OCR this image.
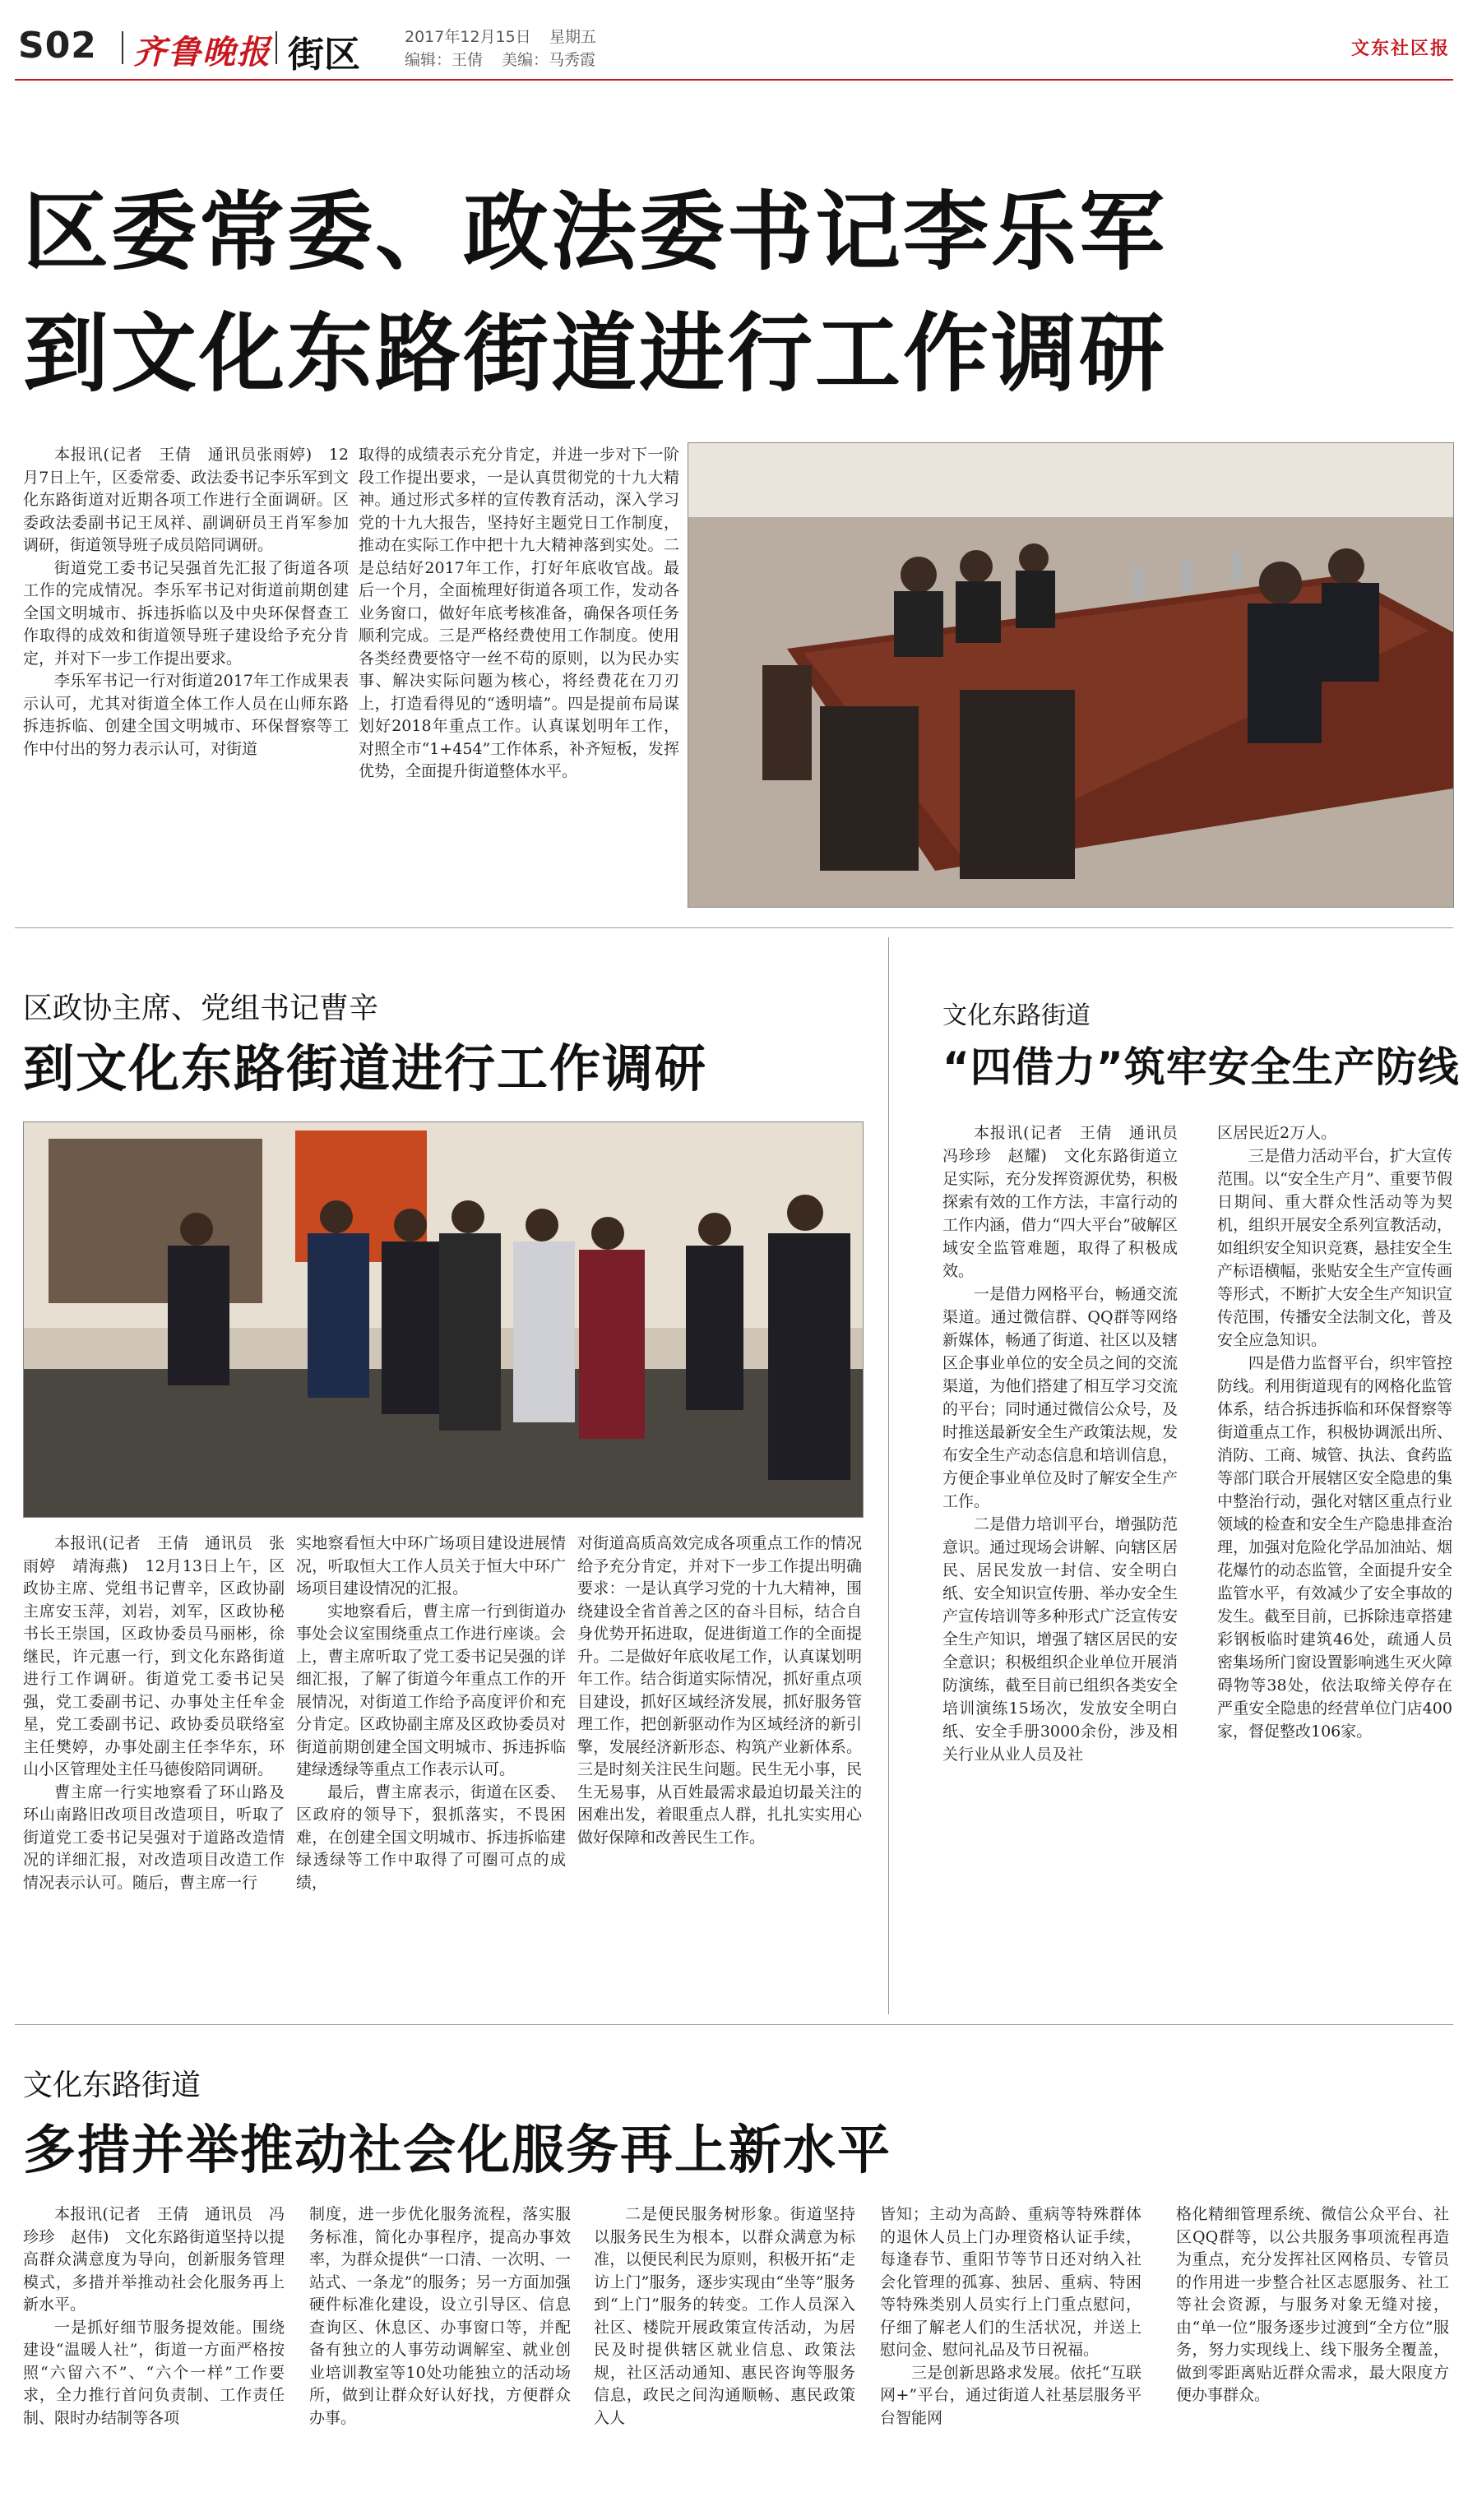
S02 齐鲁晚报 街区	2017年12月15日 星期五
编辑：王倩 美编：马秀霞
文东社区报
区委常委、政法委书记李乐军
到文化东路街道进行工作调研

本报讯(记者　王倩　通讯员张雨婷)　12月7日上午，区委常委、政法委书记李乐军到文化东路街道对近期各项工作进行全面调研。区委政法委副书记王凤祥、副调研员王肖军参加调研，街道领导班子成员陪同调研。

街道党工委书记吴强首先汇报了街道各项工作的完成情况。李乐军书记对街道前期创建全国文明城市、拆违拆临以及中央环保督查工作取得的成效和街道领导班子建设给予充分肯定，并对下一步工作提出要求。

李乐军书记一行对街道2017年工作成果表示认可，尤其对街道全体工作人员在山师东路拆违拆临、创建全国文明城市、环保督察等工作中付出的努力表示认可，对街道

取得的成绩表示充分肯定，并进一步对下一阶段工作提出要求，一是认真贯彻党的十九大精神。通过形式多样的宣传教育活动，深入学习党的十九大报告，坚持好主题党日工作制度，推动在实际工作中把十九大精神落到实处。二是总结好2017年工作，打好年底收官战。最后一个月，全面梳理好街道各项工作，发动各业务窗口，做好年底考核准备，确保各项任务顺利完成。三是严格经费使用工作制度。使用各类经费要恪守一丝不苟的原则，以为民办实事、解决实际问题为核心，将经费花在刀刃上，打造看得见的“透明墙”。四是提前布局谋划好2018年重点工作。认真谋划明年工作，对照全市“1+454”工作体系，补齐短板，发挥优势，全面提升街道整体水平。

区政协主席、党组书记曹辛
到文化东路街道进行工作调研

本报讯(记者　王倩　通讯员　张雨婷　靖海燕)　12月13日上午，区政协主席、党组书记曹辛，区政协副主席安玉萍，刘岩，刘军，区政协秘书长王崇国，区政协委员马丽彬，徐继民，许元惠一行，到文化东路街道进行工作调研。街道党工委书记吴强，党工委副书记、办事处主任牟金星，党工委副书记、政协委员联络室主任樊婷，办事处副主任李华东，环山小区管理处主任马德俊陪同调研。

曹主席一行实地察看了环山路及环山南路旧改项目改造项目，听取了街道党工委书记吴强对于道路改造情况的详细汇报，对改造项目改造工作情况表示认可。随后，曹主席一行

实地察看恒大中环广场项目建设进展情况，听取恒大工作人员关于恒大中环广场项目建设情况的汇报。

实地察看后，曹主席一行到街道办事处会议室围绕重点工作进行座谈。会上，曹主席听取了党工委书记吴强的详细汇报，了解了街道今年重点工作的开展情况，对街道工作给予高度评价和充分肯定。区政协副主席及区政协委员对街道前期创建全国文明城市、拆违拆临建绿透绿等重点工作表示认可。

最后，曹主席表示，街道在区委、区政府的领导下，狠抓落实，不畏困难，在创建全国文明城市、拆违拆临建绿透绿等工作中取得了可圈可点的成绩，

对街道高质高效完成各项重点工作的情况给予充分肯定，并对下一步工作提出明确要求：一是认真学习党的十九大精神，围绕建设全省首善之区的奋斗目标，结合自身优势开拓进取，促进街道工作的全面提升。二是做好年底收尾工作，认真谋划明年工作。结合街道实际情况，抓好重点项目建设，抓好区域经济发展，抓好服务管理工作，把创新驱动作为区域经济的新引擎，发展经济新形态、构筑产业新体系。三是时刻关注民生问题。民生无小事，民生无易事，从百姓最需求最迫切最关注的困难出发，着眼重点人群，扎扎实实用心做好保障和改善民生工作。

文化东路街道
“四借力”筑牢安全生产防线

本报讯(记者　王倩　通讯员　冯珍珍　赵耀)　文化东路街道立足实际，充分发挥资源优势，积极探索有效的工作方法，丰富行动的工作内涵，借力“四大平台”破解区域安全监管难题，取得了积极成效。

一是借力网格平台，畅通交流渠道。通过微信群、QQ群等网络新媒体，畅通了街道、社区以及辖区企事业单位的安全员之间的交流渠道，为他们搭建了相互学习交流的平台；同时通过微信公众号，及时推送最新安全生产政策法规，发布安全生产动态信息和培训信息，方便企事业单位及时了解安全生产工作。

二是借力培训平台，增强防范意识。通过现场会讲解、向辖区居民、居民发放一封信、安全明白纸、安全知识宣传册、举办安全生产宣传培训等多种形式广泛宣传安全生产知识，增强了辖区居民的安全意识；积极组织企业单位开展消防演练，截至目前已组织各类安全培训演练15场次，发放安全明白纸、安全手册3000余份，涉及相关行业从业人员及社

区居民近2万人。

三是借力活动平台，扩大宣传范围。以“安全生产月”、重要节假日期间、重大群众性活动等为契机，组织开展安全系列宣教活动，如组织安全知识竞赛，悬挂安全生产标语横幅，张贴安全生产宣传画等形式，不断扩大安全生产知识宣传范围，传播安全法制文化，普及安全应急知识。

四是借力监督平台，织牢管控防线。利用街道现有的网格化监管体系，结合拆违拆临和环保督察等街道重点工作，积极协调派出所、消防、工商、城管、执法、食药监等部门联合开展辖区安全隐患的集中整治行动，强化对辖区重点行业领域的检查和安全生产隐患排查治理，加强对危险化学品加油站、烟花爆竹的动态监管，全面提升安全监管水平，有效减少了安全事故的发生。截至目前，已拆除违章搭建彩钢板临时建筑46处，疏通人员密集场所门窗设置影响逃生灭火障碍物等38处，依法取缔关停存在严重安全隐患的经营单位门店400家，督促整改106家。

文化东路街道
多措并举推动社会化服务再上新水平

本报讯(记者　王倩　通讯员　冯珍珍　赵伟)　文化东路街道坚持以提高群众满意度为导向，创新服务管理模式，多措并举推动社会化服务再上新水平。

一是抓好细节服务提效能。围绕建设“温暖人社”，街道一方面严格按照“六留六不”、“六个一样”工作要求，全力推行首问负责制、工作责任制、限时办结制等各项

制度，进一步优化服务流程，落实服务标准，简化办事程序，提高办事效率，为群众提供“一口清、一次明、一站式、一条龙”的服务；另一方面加强硬件标准化建设，设立引导区、信息查询区、休息区、办事窗口等，并配备有独立的人事劳动调解室、就业创业培训教室等10处功能独立的活动场所，做到让群众好认好找，方便群众办事。

二是便民服务树形象。街道坚持以服务民生为根本，以群众满意为标准，以便民利民为原则，积极开拓“走访上门”服务，逐步实现由“坐等”服务到“上门”服务的转变。工作人员深入社区、楼院开展政策宣传活动，为居民及时提供辖区就业信息、政策法规，社区活动通知、惠民咨询等服务信息，政民之间沟通顺畅、惠民政策入人

皆知；主动为高龄、重病等特殊群体的退休人员上门办理资格认证手续，每逢春节、重阳节等节日还对纳入社会化管理的孤寡、独居、重病、特困等特殊类别人员实行上门重点慰问，仔细了解老人们的生活状况，并送上慰问金、慰问礼品及节日祝福。

三是创新思路求发展。依托“互联网+”平台，通过街道人社基层服务平台智能网

格化精细管理系统、微信公众平台、社区QQ群等，以公共服务事项流程再造为重点，充分发挥社区网格员、专管员的作用进一步整合社区志愿服务、社工等社会资源，与服务对象无缝对接，由“单一位”服务逐步过渡到“全方位”服务，努力实现线上、线下服务全覆盖，做到零距离贴近群众需求，最大限度方便办事群众。
